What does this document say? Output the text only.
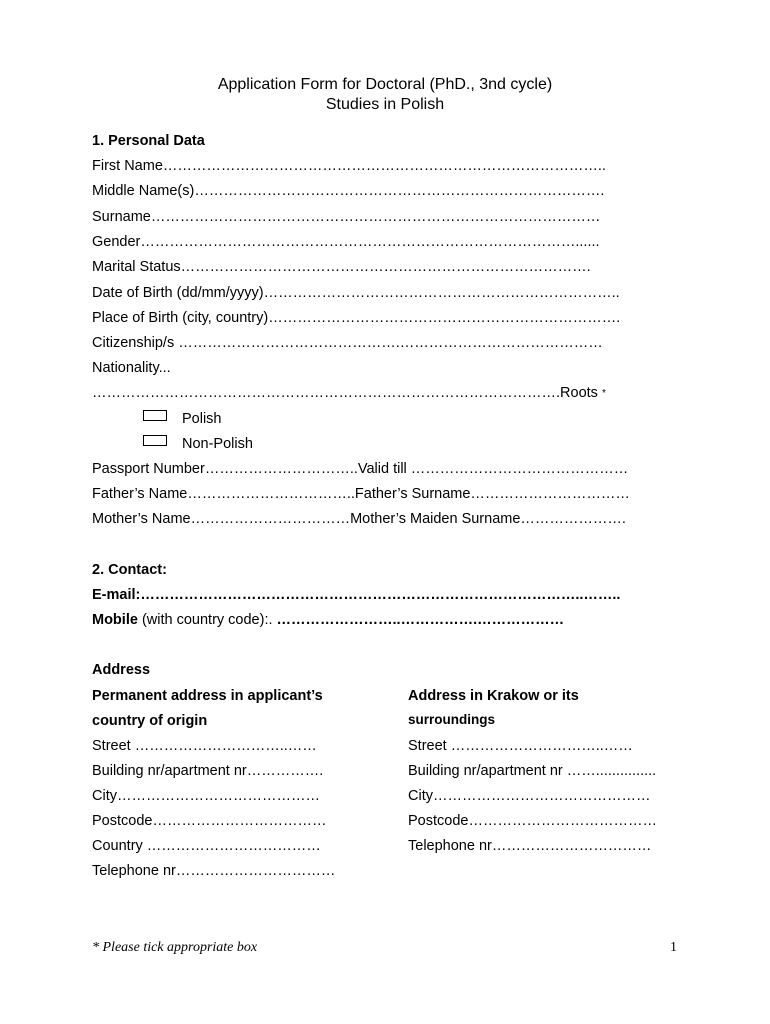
Application Form for Doctoral (PhD., 3nd cycle)
Studies in Polish
1. Personal Data
First Name………………………………………………………………………………..
Middle Name(s)………………………………………………………………………….
Surname…………………………………………………………………………………
Gender………………………………………………………………………………......
Marital Status………………………………………………………………………….
Date of Birth (dd/mm/yyyy)………………………………………………………………..
Place of Birth (city, country)……………………………………………………………….
Citizenship/s ……………………………………….……………………………………
Nationality...
…………………………………………………………………………………….Roots *
Polish
Non-Polish
Passport Number…………………………..Valid till ………………………………………
Father’s Name……………………………..Father’s Surname……………………………
Mother’s Name……………………………Mother’s Maiden Surname………………….
2. Contact:
E-mail:………………………………………………………………………………..……..
Mobile (with country code):. ……………………..…………….………………
Address
Permanent address in applicant’s
country of origin
Street …………………………..……
Building nr/apartment nr…………….
City……………………………………
Postcode………………………………
Country ………………………………
Telephone nr……………………………
Address in Krakow or its
surroundings
Street …………………………..……
Building nr/apartment nr ……...............
City………………………………………
Postcode…………………………………
Telephone nr……………………………
* Please tick appropriate box	1
